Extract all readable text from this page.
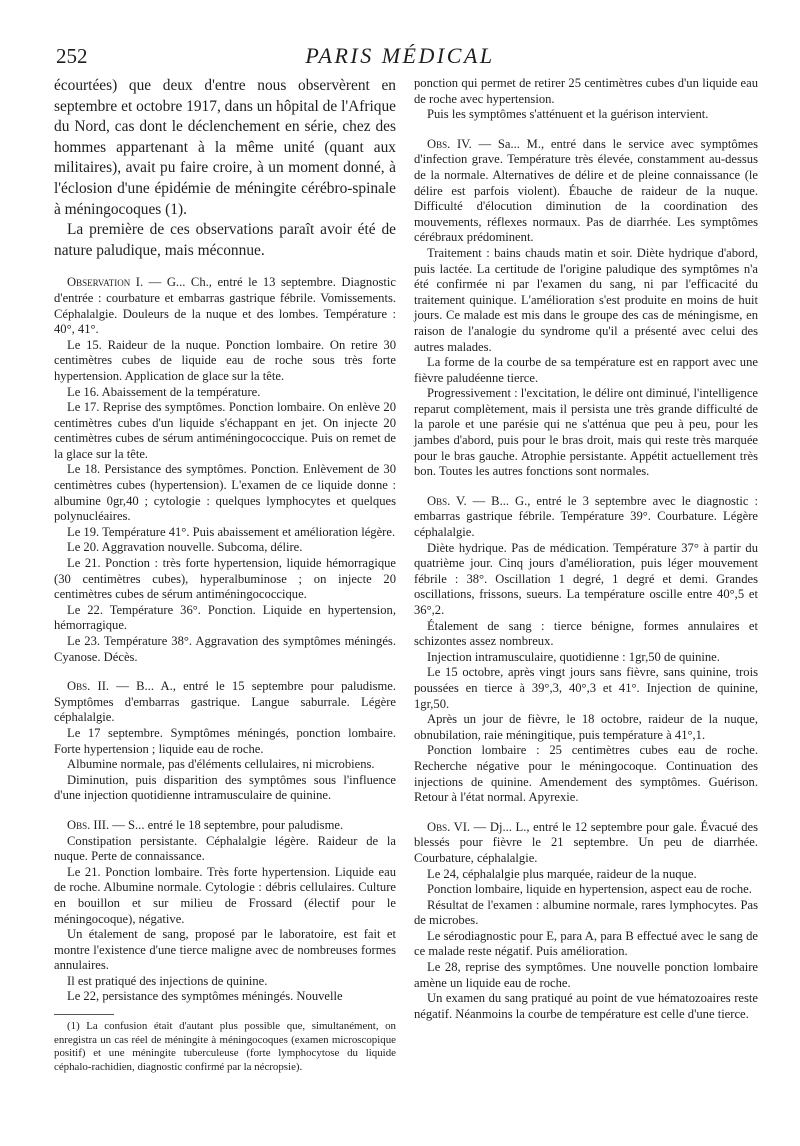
252	PARIS MÉDICAL

écourtées) que deux d'entre nous observèrent en septembre et octobre 1917, dans un hôpital de l'Afrique du Nord, cas dont le déclenchement en série, chez des hommes appartenant à la même unité (quant aux militaires), avait pu faire croire, à un moment donné, à l'éclosion d'une épidémie de méningite cérébro-spinale à méningocoques (1).

La première de ces observations paraît avoir été de nature paludique, mais méconnue.

Observation I. — G... Ch., entré le 13 septembre. Diagnostic d'entrée : courbature et embarras gastrique fébrile. Vomissements. Céphalalgie. Douleurs de la nuque et des lombes. Température : 40°, 41°.

Le 15. Raideur de la nuque. Ponction lombaire. On retire 30 centimètres cubes de liquide eau de roche sous très forte hypertension. Application de glace sur la tête.

Le 16. Abaissement de la température.

Le 17. Reprise des symptômes. Ponction lombaire. On enlève 20 centimètres cubes d'un liquide s'échappant en jet. On injecte 20 centimètres cubes de sérum antiméningococcique. Puis on remet de la glace sur la tête.

Le 18. Persistance des symptômes. Ponction. Enlèvement de 30 centimètres cubes (hypertension). L'examen de ce liquide donne : albumine 0gr,40 ; cytologie : quelques lymphocytes et quelques polynucléaires.

Le 19. Température 41°. Puis abaissement et amélioration légère.

Le 20. Aggravation nouvelle. Subcoma, délire.

Le 21. Ponction : très forte hypertension, liquide hémorragique (30 centimètres cubes), hyperalbuminose ; on injecte 20 centimètres cubes de sérum antiméningococcique.

Le 22. Température 36°. Ponction. Liquide en hypertension, hémorragique.

Le 23. Température 38°. Aggravation des symptômes méningés. Cyanose. Décès.

Obs. II. — B... A., entré le 15 septembre pour paludisme. Symptômes d'embarras gastrique. Langue saburrale. Légère céphalalgie.

Le 17 septembre. Symptômes méningés, ponction lombaire. Forte hypertension ; liquide eau de roche.

Albumine normale, pas d'éléments cellulaires, ni microbiens.

Diminution, puis disparition des symptômes sous l'influence d'une injection quotidienne intramusculaire de quinine.

Obs. III. — S... entré le 18 septembre, pour paludisme.

Constipation persistante. Céphalalgie légère. Raideur de la nuque. Perte de connaissance.

Le 21. Ponction lombaire. Très forte hypertension. Liquide eau de roche. Albumine normale. Cytologie : débris cellulaires. Culture en bouillon et sur milieu de Frossard (électif pour le méningocoque), négative.

Un étalement de sang, proposé par le laboratoire, est fait et montre l'existence d'une tierce maligne avec de nombreuses formes annulaires.

Il est pratiqué des injections de quinine.

Le 22, persistance des symptômes méningés. Nouvelle

(1) La confusion était d'autant plus possible que, simultanément, on enregistra un cas réel de méningite à méningocoques (examen microscopique positif) et une méningite tuberculeuse (forte lymphocytose du liquide céphalo-rachidien, diagnostic confirmé par la nécropsie).

ponction qui permet de retirer 25 centimètres cubes d'un liquide eau de roche avec hypertension.

Puis les symptômes s'atténuent et la guérison intervient.

Obs. IV. — Sa... M., entré dans le service avec symptômes d'infection grave. Température très élevée, constamment au-dessus de la normale. Alternatives de délire et de pleine connaissance (le délire est parfois violent). Ébauche de raideur de la nuque. Difficulté d'élocution diminution de la coordination des mouvements, réflexes normaux. Pas de diarrhée. Les symptômes cérébraux prédominent.

Traitement : bains chauds matin et soir. Diète hydrique d'abord, puis lactée. La certitude de l'origine paludique des symptômes n'a été confirmée ni par l'examen du sang, ni par l'efficacité du traitement quinique. L'amélioration s'est produite en moins de huit jours. Ce malade est mis dans le groupe des cas de méningisme, en raison de l'analogie du syndrome qu'il a présenté avec celui des autres malades.

La forme de la courbe de sa température est en rapport avec une fièvre paludéenne tierce.

Progressivement : l'excitation, le délire ont diminué, l'intelligence reparut complètement, mais il persista une très grande difficulté de la parole et une parésie qui ne s'atténua que peu à peu, pour les jambes d'abord, puis pour le bras droit, mais qui reste très marquée pour le bras gauche. Atrophie persistante. Appétit actuellement très bon. Toutes les autres fonctions sont normales.

Obs. V. — B... G., entré le 3 septembre avec le diagnostic : embarras gastrique fébrile. Température 39°. Courbature. Légère céphalalgie.

Diète hydrique. Pas de médication. Température 37° à partir du quatrième jour. Cinq jours d'amélioration, puis léger mouvement fébrile : 38°. Oscillation 1 degré, 1 degré et demi. Grandes oscillations, frissons, sueurs. La température oscille entre 40°,5 et 36°,2.

Étalement de sang : tierce bénigne, formes annulaires et schizontes assez nombreux.

Injection intramusculaire, quotidienne : 1gr,50 de quinine.

Le 15 octobre, après vingt jours sans fièvre, sans quinine, trois poussées en tierce à 39°,3, 40°,3 et 41°. Injection de quinine, 1gr,50.

Après un jour de fièvre, le 18 octobre, raideur de la nuque, obnubilation, raie méningitique, puis température à 41°,1.

Ponction lombaire : 25 centimètres cubes eau de roche. Recherche négative pour le méningocoque. Continuation des injections de quinine. Amendement des symptômes. Guérison. Retour à l'état normal. Apyrexie.

Obs. VI. — Dj... L., entré le 12 septembre pour gale. Évacué des blessés pour fièvre le 21 septembre. Un peu de diarrhée. Courbature, céphalalgie.

Le 24, céphalalgie plus marquée, raideur de la nuque.

Ponction lombaire, liquide en hypertension, aspect eau de roche.

Résultat de l'examen : albumine normale, rares lymphocytes. Pas de microbes.

Le sérodiagnostic pour E, para A, para B effectué avec le sang de ce malade reste négatif. Puis amélioration.

Le 28, reprise des symptômes. Une nouvelle ponction lombaire amène un liquide eau de roche.

Un examen du sang pratiqué au point de vue hématozoaires reste négatif. Néanmoins la courbe de température est celle d'une tierce.
